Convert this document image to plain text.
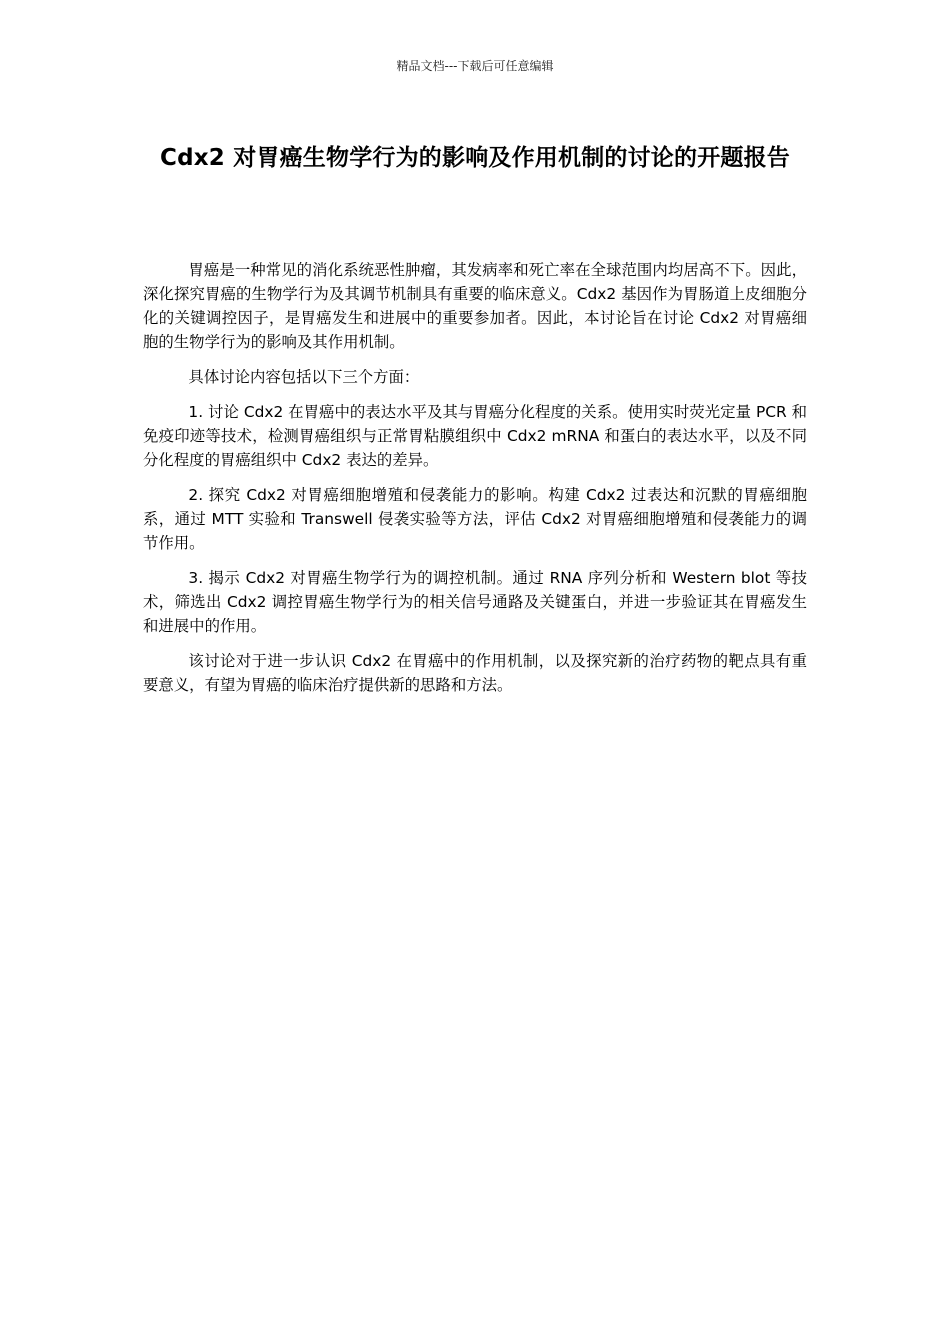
精品文档---下载后可任意编辑
Cdx2 对胃癌生物学行为的影响及作用机制的讨论的开题报告

胃癌是一种常见的消化系统恶性肿瘤，其发病率和死亡率在全球范围内均居高不下。因此，深化探究胃癌的生物学行为及其调节机制具有重要的临床意义。Cdx2 基因作为胃肠道上皮细胞分化的关键调控因子，是胃癌发生和进展中的重要参加者。因此，本讨论旨在讨论 Cdx2 对胃癌细胞的生物学行为的影响及其作用机制。

具体讨论内容包括以下三个方面：

1. 讨论 Cdx2 在胃癌中的表达水平及其与胃癌分化程度的关系。使用实时荧光定量 PCR 和免疫印迹等技术，检测胃癌组织与正常胃粘膜组织中 Cdx2 mRNA 和蛋白的表达水平，以及不同分化程度的胃癌组织中 Cdx2 表达的差异。

2. 探究 Cdx2 对胃癌细胞增殖和侵袭能力的影响。构建 Cdx2 过表达和沉默的胃癌细胞系，通过 MTT 实验和 Transwell 侵袭实验等方法，评估 Cdx2 对胃癌细胞增殖和侵袭能力的调节作用。

3. 揭示 Cdx2 对胃癌生物学行为的调控机制。通过 RNA 序列分析和 Western blot 等技术，筛选出 Cdx2 调控胃癌生物学行为的相关信号通路及关键蛋白，并进一步验证其在胃癌发生和进展中的作用。

该讨论对于进一步认识 Cdx2 在胃癌中的作用机制，以及探究新的治疗药物的靶点具有重要意义，有望为胃癌的临床治疗提供新的思路和方法。
